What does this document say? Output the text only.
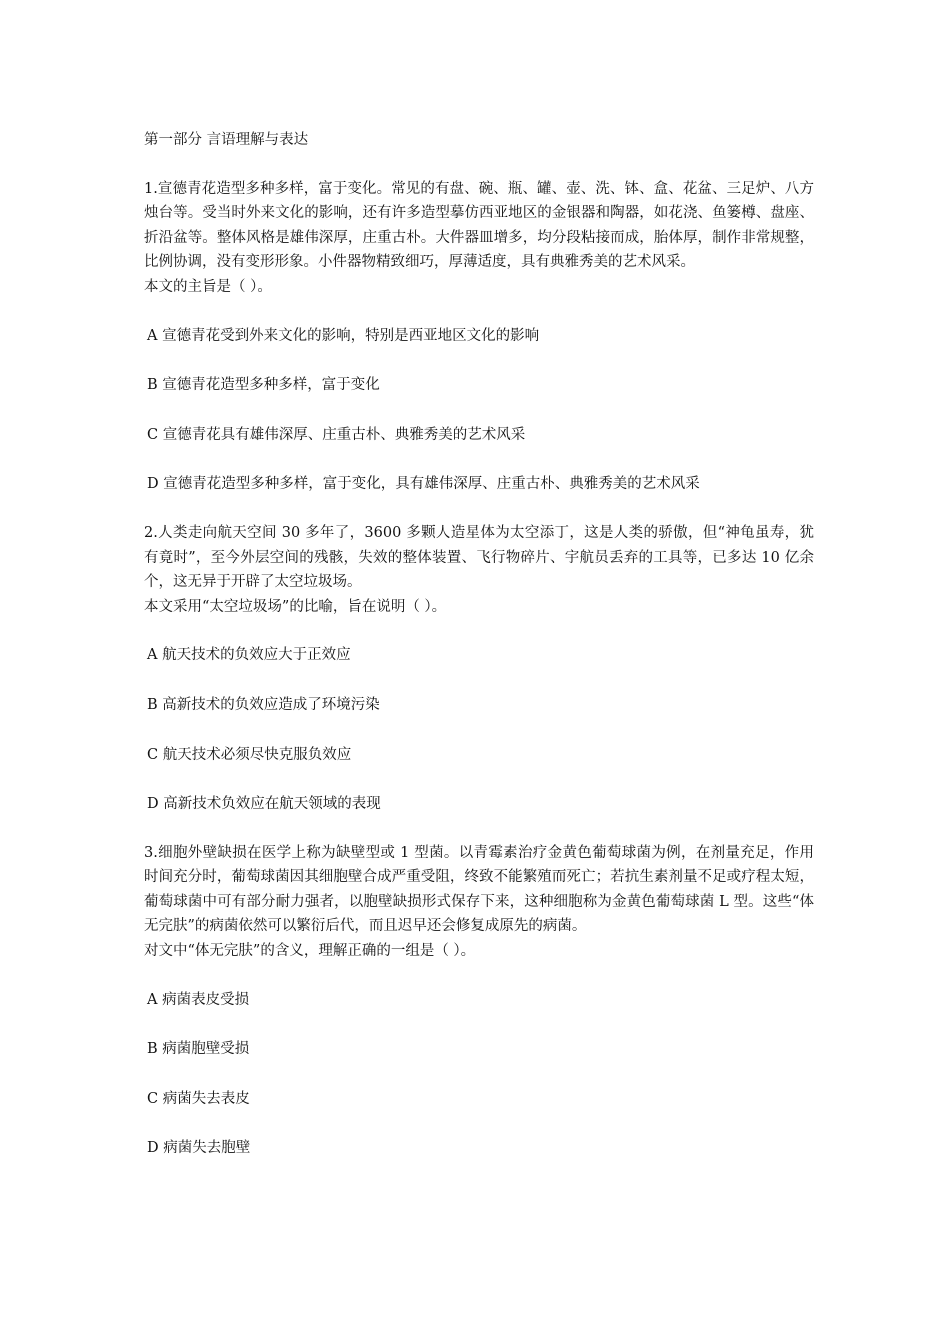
第一部分 言语理解与表达

1.宣德青花造型多种多样，富于变化。常见的有盘、碗、瓶、罐、壶、洗、钵、盒、花盆、三足炉、八方烛台等。受当时外来文化的影响，还有许多造型摹仿西亚地区的金银器和陶器，如花浇、鱼篓樽、盘座、折沿盆等。整体风格是雄伟深厚，庄重古朴。大件器皿增多，均分段粘接而成，胎体厚，制作非常规整，比例协调，没有变形形象。小件器物精致细巧，厚薄适度，具有典雅秀美的艺术风采。

本文的主旨是（ ）。

A 宣德青花受到外来文化的影响，特别是西亚地区文化的影响
B 宣德青花造型多种多样，富于变化
C 宣德青花具有雄伟深厚、庄重古朴、典雅秀美的艺术风采
D 宣德青花造型多种多样，富于变化，具有雄伟深厚、庄重古朴、典雅秀美的艺术风采

2.人类走向航天空间 30 多年了，3600 多颗人造星体为太空添丁，这是人类的骄傲，但“神龟虽寿，犹有竟时”，至今外层空间的残骸，失效的整体装置、飞行物碎片、宇航员丢弃的工具等，已多达 10 亿余个，这无异于开辟了太空垃圾场。

本文采用“太空垃圾场”的比喻，旨在说明（ ）。

A 航天技术的负效应大于正效应
B 高新技术的负效应造成了环境污染
C 航天技术必须尽快克服负效应
D 高新技术负效应在航天领域的表现

3.细胞外壁缺损在医学上称为缺壁型或 1 型菌。以青霉素治疗金黄色葡萄球菌为例，在剂量充足，作用时间充分时，葡萄球菌因其细胞壁合成严重受阻，终致不能繁殖而死亡；若抗生素剂量不足或疗程太短，葡萄球菌中可有部分耐力强者，以胞壁缺损形式保存下来，这种细胞称为金黄色葡萄球菌 L 型。这些“体无完肤”的病菌依然可以繁衍后代，而且迟早还会修复成原先的病菌。

对文中“体无完肤”的含义，理解正确的一组是（ ）。

A 病菌表皮受损
B 病菌胞壁受损
C 病菌失去表皮
D 病菌失去胞壁
